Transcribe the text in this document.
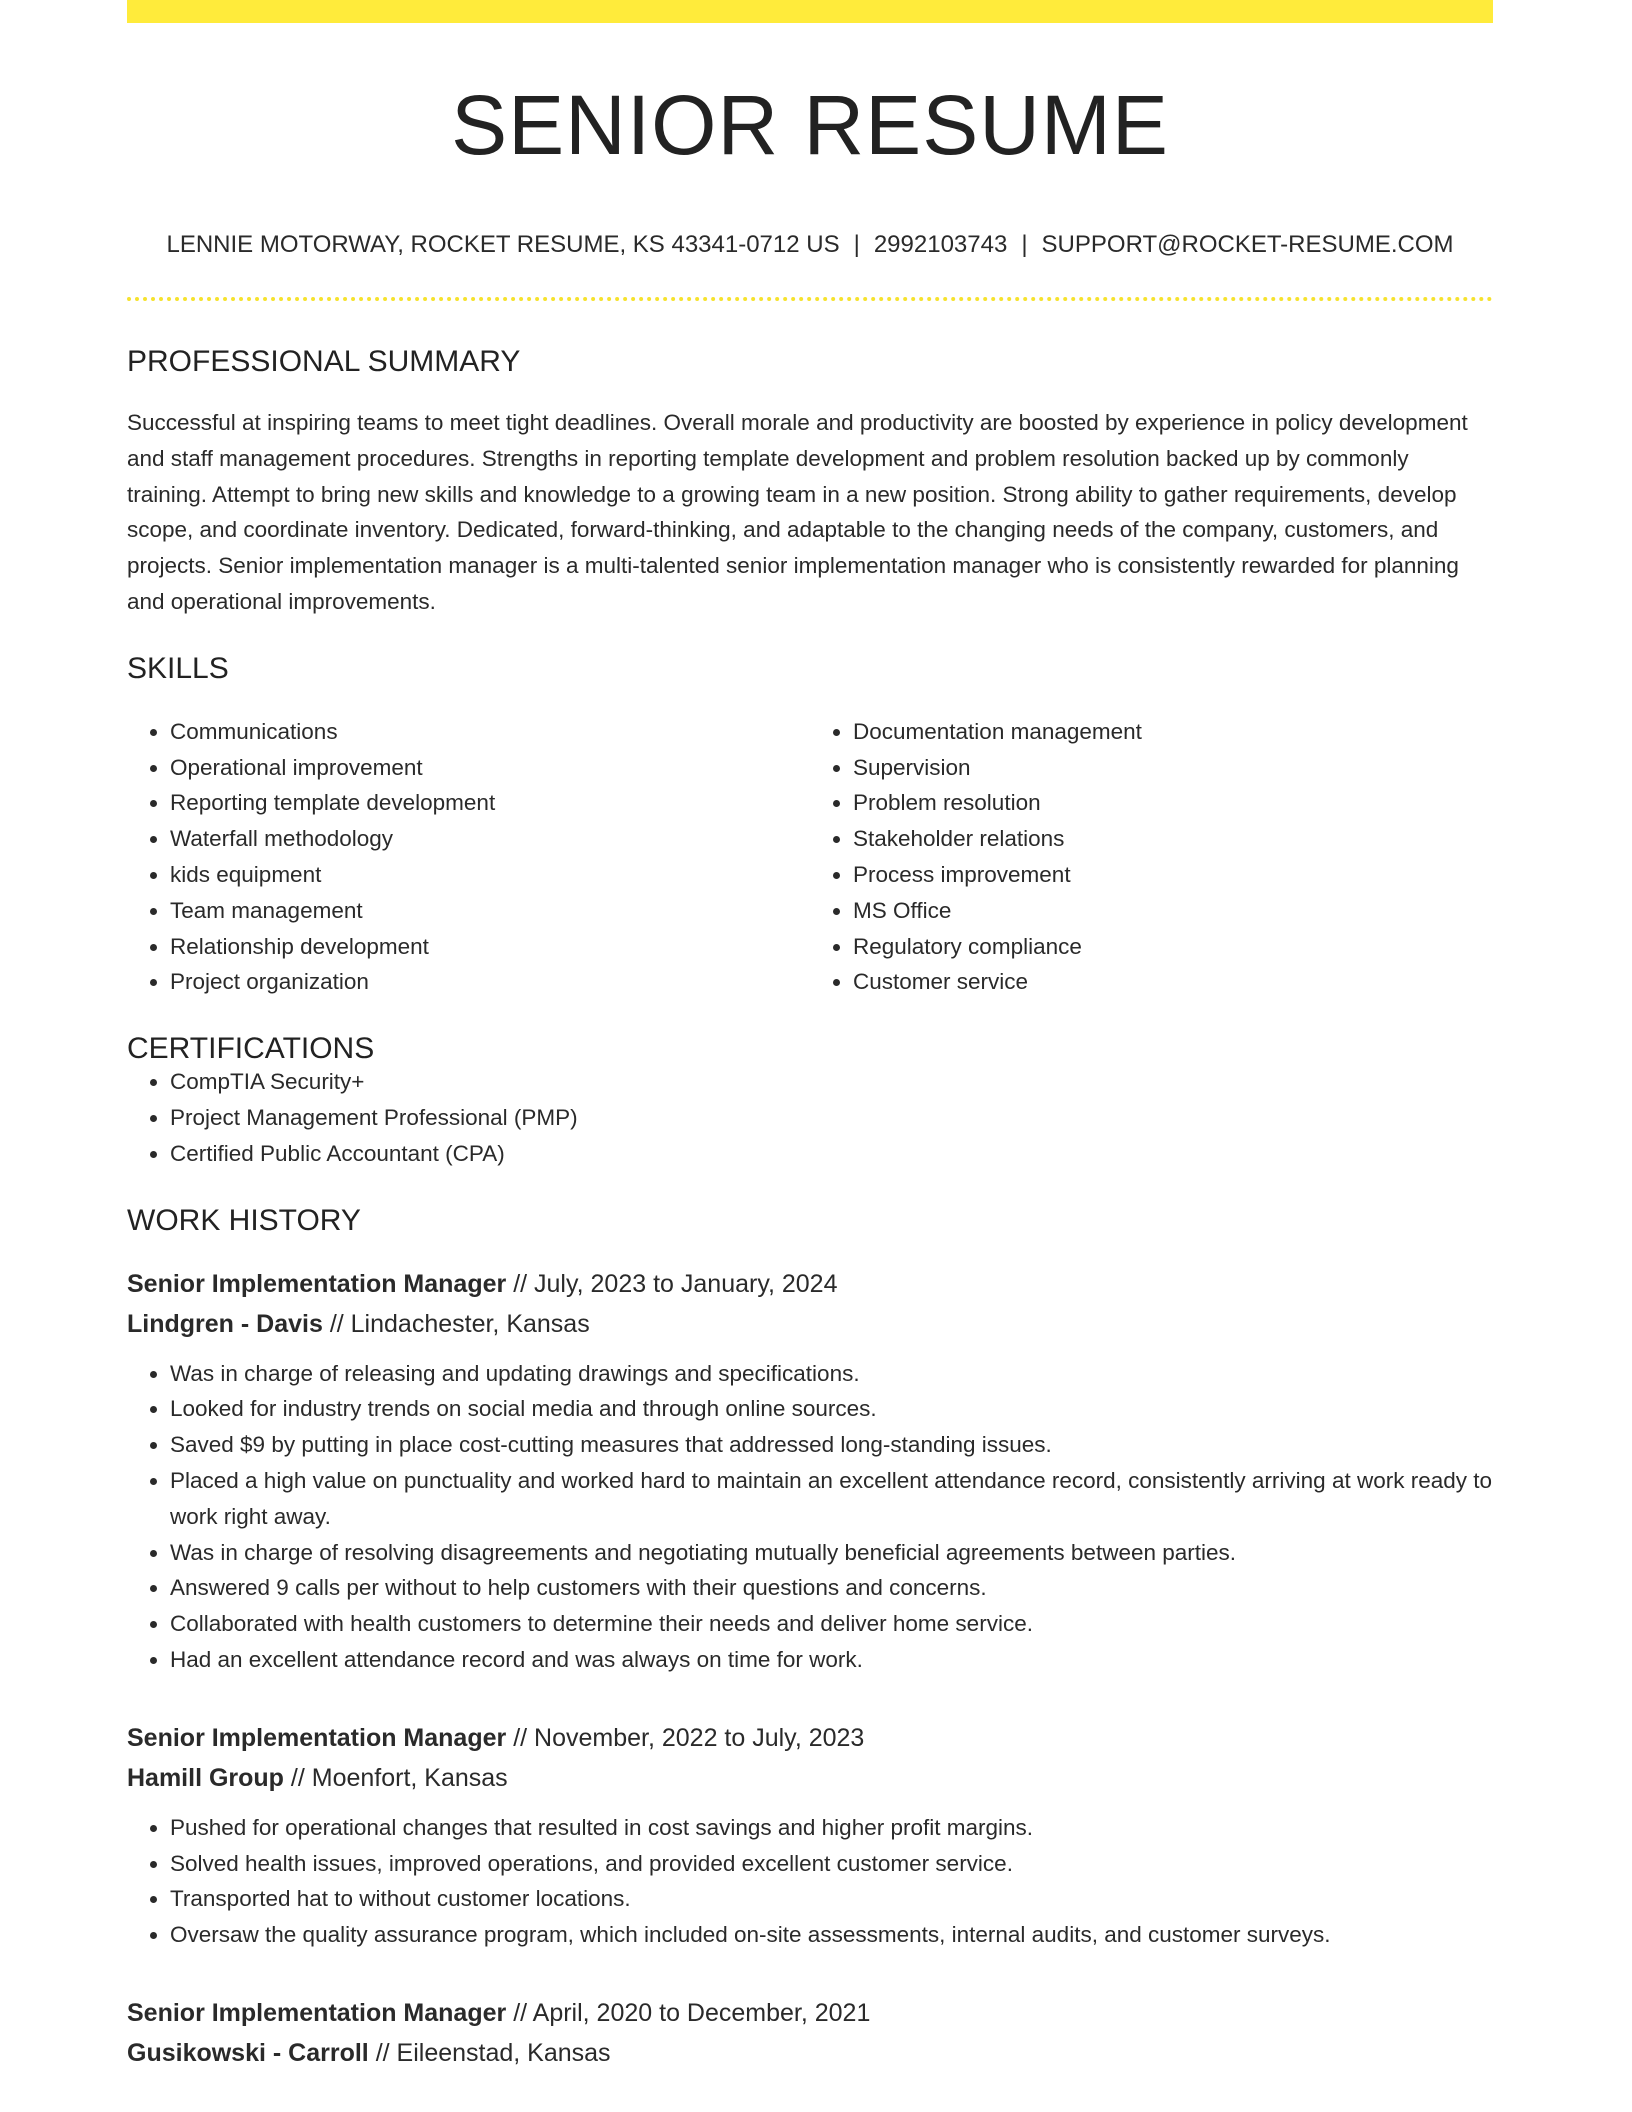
SENIOR RESUME
LENNIE MOTORWAY, ROCKET RESUME, KS 43341-0712 US | 2992103743 | SUPPORT@ROCKET-RESUME.COM
PROFESSIONAL SUMMARY

Successful at inspiring teams to meet tight deadlines. Overall morale and productivity are boosted by experience in policy development and staff management procedures. Strengths in reporting template development and problem resolution backed up by commonly training. Attempt to bring new skills and knowledge to a growing team in a new position. Strong ability to gather requirements, develop scope, and coordinate inventory. Dedicated, forward-thinking, and adaptable to the changing needs of the company, customers, and projects. Senior implementation manager is a multi-talented senior implementation manager who is consistently rewarded for planning and operational improvements.

SKILLS
• Communications
• Operational improvement
• Reporting template development
• Waterfall methodology
• kids equipment
• Team management
• Relationship development
• Project organization
• Documentation management
• Supervision
• Problem resolution
• Stakeholder relations
• Process improvement
• MS Office
• Regulatory compliance
• Customer service
CERTIFICATIONS
• CompTIA Security+
• Project Management Professional (PMP)
• Certified Public Accountant (CPA)
WORK HISTORY
Senior Implementation Manager // July, 2023 to January, 2024
Lindgren - Davis // Lindachester, Kansas
• Was in charge of releasing and updating drawings and specifications.
• Looked for industry trends on social media and through online sources.
• Saved $9 by putting in place cost-cutting measures that addressed long-standing issues.
• Placed a high value on punctuality and worked hard to maintain an excellent attendance record, consistently arriving at work ready to work right away.
• Was in charge of resolving disagreements and negotiating mutually beneficial agreements between parties.
• Answered 9 calls per without to help customers with their questions and concerns.
• Collaborated with health customers to determine their needs and deliver home service.
• Had an excellent attendance record and was always on time for work.
Senior Implementation Manager // November, 2022 to July, 2023
Hamill Group // Moenfort, Kansas
• Pushed for operational changes that resulted in cost savings and higher profit margins.
• Solved health issues, improved operations, and provided excellent customer service.
• Transported hat to without customer locations.
• Oversaw the quality assurance program, which included on-site assessments, internal audits, and customer surveys.
Senior Implementation Manager // April, 2020 to December, 2021
Gusikowski - Carroll // Eileenstad, Kansas
